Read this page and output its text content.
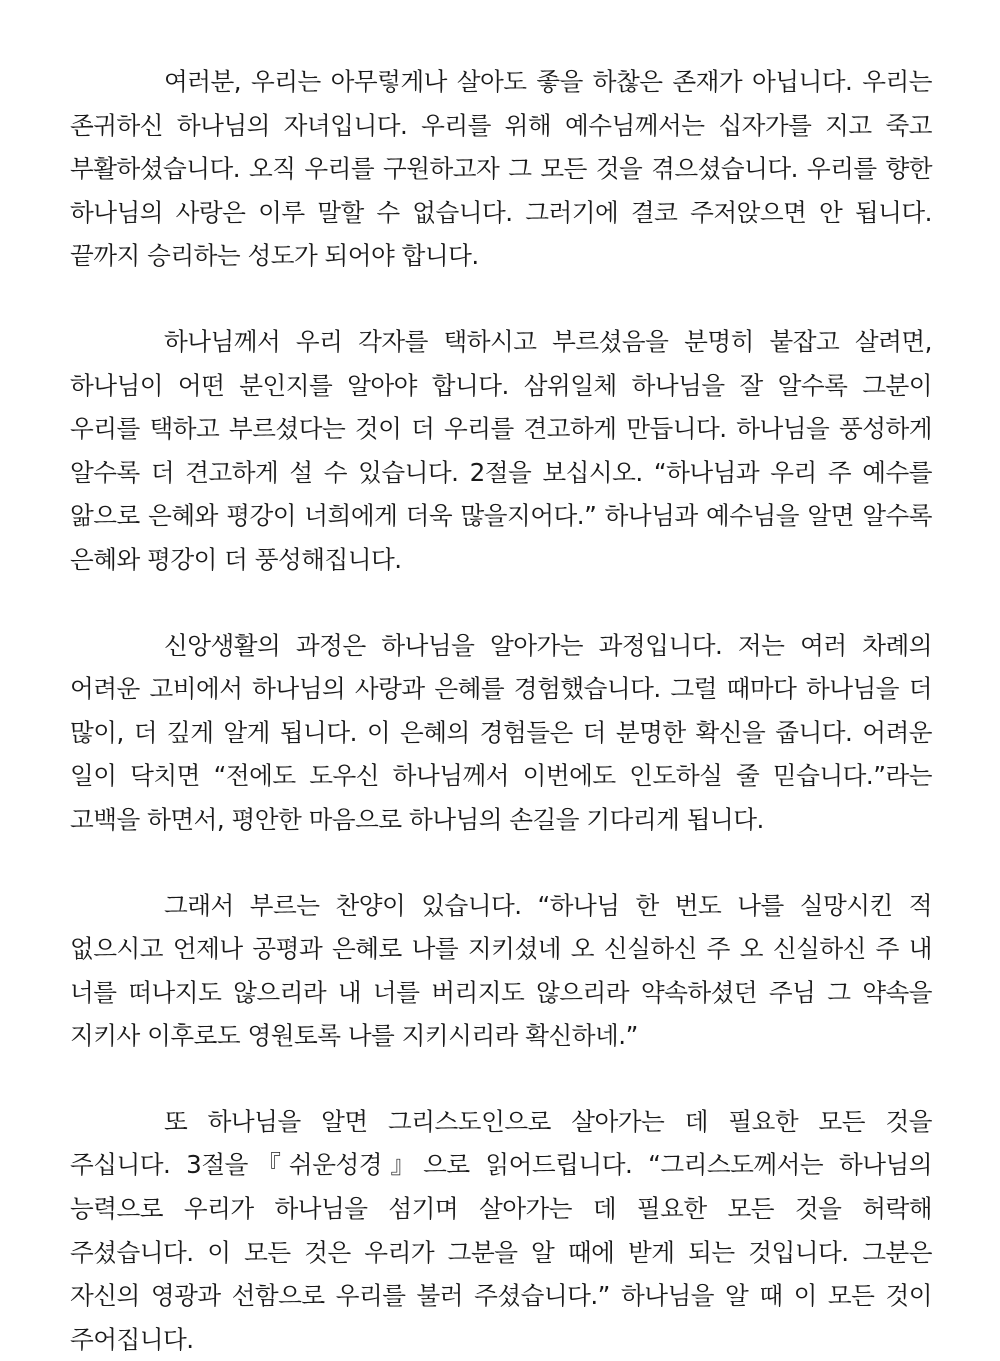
여러분, 우리는 아무렇게나 살아도 좋을 하찮은 존재가 아닙니다. 우리는 존귀하신 하나님의 자녀입니다. 우리를 위해 예수님께서는 십자가를 지고 죽고 부활하셨습니다. 오직 우리를 구원하고자 그 모든 것을 겪으셨습니다. 우리를 향한 하나님의 사랑은 이루 말할 수 없습니다. 그러기에 결코 주저앉으면 안 됩니다. 끝까지 승리하는 성도가 되어야 합니다.

하나님께서 우리 각자를 택하시고 부르셨음을 분명히 붙잡고 살려면, 하나님이 어떤 분인지를 알아야 합니다. 삼위일체 하나님을 잘 알수록 그분이 우리를 택하고 부르셨다는 것이 더 우리를 견고하게 만듭니다. 하나님을 풍성하게 알수록 더 견고하게 설 수 있습니다. 2절을 보십시오. “하나님과 우리 주 예수를 앎으로 은혜와 평강이 너희에게 더욱 많을지어다.” 하나님과 예수님을 알면 알수록 은혜와 평강이 더 풍성해집니다.

신앙생활의 과정은 하나님을 알아가는 과정입니다. 저는 여러 차례의 어려운 고비에서 하나님의 사랑과 은혜를 경험했습니다. 그럴 때마다 하나님을 더 많이, 더 깊게 알게 됩니다. 이 은혜의 경험들은 더 분명한 확신을 줍니다. 어려운 일이 닥치면 “전에도 도우신 하나님께서 이번에도 인도하실 줄 믿습니다.”라는 고백을 하면서, 평안한 마음으로 하나님의 손길을 기다리게 됩니다.

그래서 부르는 찬양이 있습니다. “하나님 한 번도 나를 실망시킨 적 없으시고 언제나 공평과 은혜로 나를 지키셨네 오 신실하신 주 오 신실하신 주 내 너를 떠나지도 않으리라 내 너를 버리지도 않으리라 약속하셨던 주님 그 약속을 지키사 이후로도 영원토록 나를 지키시리라 확신하네.”

또 하나님을 알면 그리스도인으로 살아가는 데 필요한 모든 것을 주십니다. 3절을『쉬운성경』으로 읽어드립니다. “그리스도께서는 하나님의 능력으로 우리가 하나님을 섬기며 살아가는 데 필요한 모든 것을 허락해 주셨습니다. 이 모든 것은 우리가 그분을 알 때에 받게 되는 것입니다. 그분은 자신의 영광과 선함으로 우리를 불러 주셨습니다.” 하나님을 알 때 이 모든 것이 주어집니다.
